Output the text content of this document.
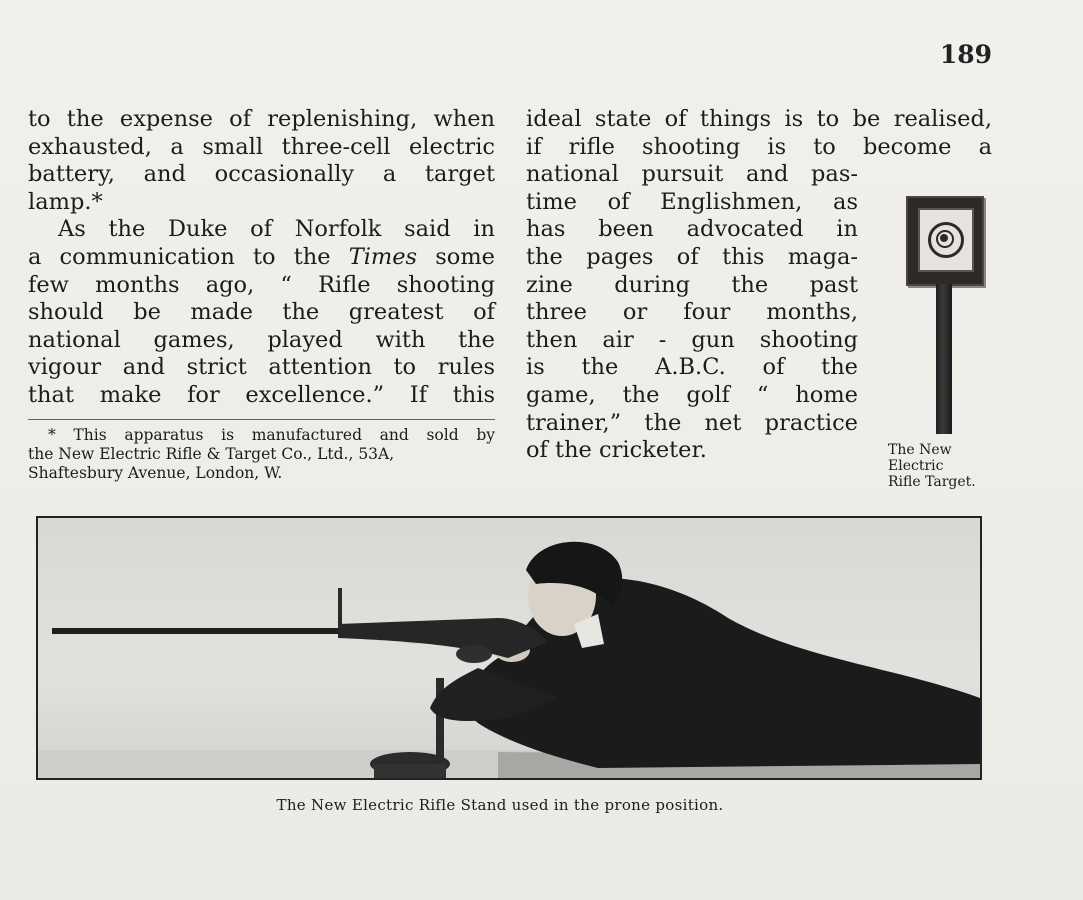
189

to the expense of replenishing, when

exhausted, a small three-cell electric

battery, and occasionally a target

lamp.*

As the Duke of Norfolk said in

a communication to the Times some

few months ago, “ Rifle shooting

should be made the greatest of

national games, played with the

vigour and strict attention to rules

that make for excellence.” If this

* This apparatus is manufactured and sold by
the New Electric Rifle & Target Co., Ltd., 53A,
Shaftesbury Avenue, London, W.

ideal state of things is to be realised,

if rifle shooting is to become a

national pursuit and pas-

time of Englishmen, as

has been advocated in

the pages of this maga-

zine during the past

three or four months,

then air - gun shooting

is the A.B.C. of the

game, the golf “ home

trainer,” the net practice

of the cricketer.	The New
Electric
Rifle Target.
The New Electric Rifle Stand used in the prone position.
